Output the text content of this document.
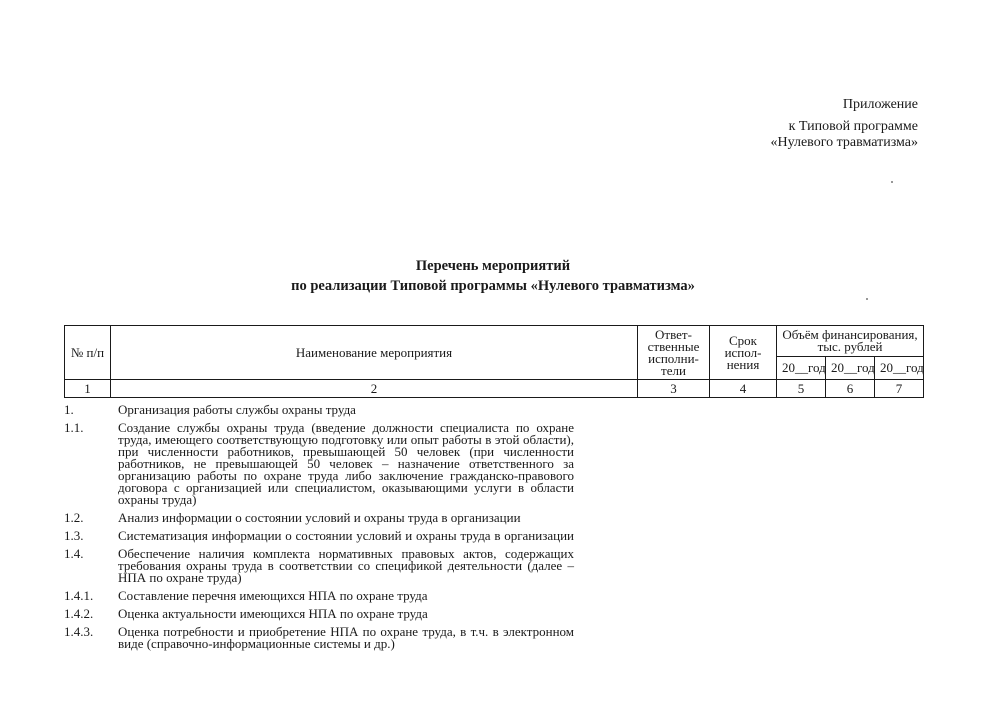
Приложение
к Типовой программе
«Нулевого травматизма»
Перечень мероприятий
по реализации Типовой программы «Нулевого травматизма»
№ п/п	Наименование мероприятия	Ответ-ственные исполни-тели	Срок испол-нения	Объём финансирования, тыс. рублей		

				20__ год	20__ год	20__ год

1	2	3	4	5	6	7
1.	Организация работы службы охраны труда
1.1.	Создание службы охраны труда (введение должности специалиста по охране труда, имеющего соответствующую подготовку или опыт работы в этой области), при численности работников, превышающей 50 человек (при численности работников, не превышающей 50 человек – назначение ответственного за организацию работы по охране труда либо заключение гражданско-правового договора с организацией или специалистом, оказывающими услуги в области охраны труда)
1.2.	Анализ информации о состоянии условий и охраны труда в организации
1.3.	Систематизация информации о состоянии условий и охраны труда в организации
1.4.	Обеспечение наличия комплекта нормативных правовых актов, содержащих требования охраны труда в соответствии со спецификой деятельности (далее – НПА по охране труда)
1.4.1.	Составление перечня имеющихся НПА по охране труда
1.4.2.	Оценка актуальности имеющихся НПА по охране труда
1.4.3.	Оценка потребности и приобретение НПА по охране труда, в т.ч. в электронном виде (справочно-информационные системы и др.)
